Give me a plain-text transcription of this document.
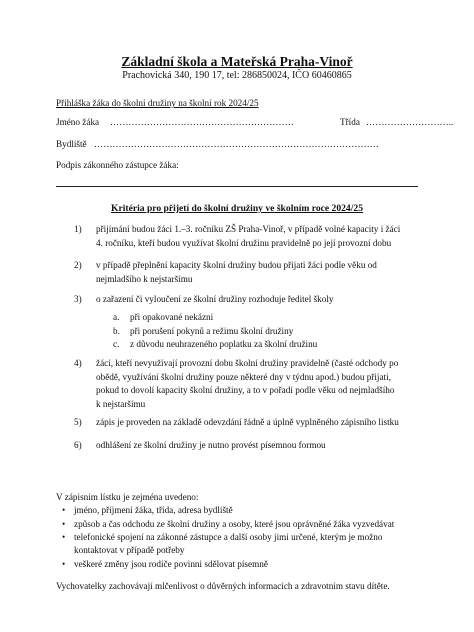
Základní škola a Mateřská Praha-Vinoř
Prachovická 340, 190 17, tel: 286850024, IČO 60460865
Přihláška žáka do školní družiny na školní rok 2024/25
Jméno žáka ……………………………………………………	Třída ………………………..
Bydliště …………………………………………………………………………………
Podpis zákonného zástupce žáka:
Kritéria pro přijetí do školní družiny ve školním roce 2024/25
1) přijímáni budou žáci 1.–3. ročníku ZŠ Praha-Vinoř, v případě volné kapacity i žáci
4. ročníku, kteří budou využívat školní družinu pravidelně po její provozní dobu
2) v případě přeplnění kapacity školní družiny budou přijati žáci podle věku od
nejmladšího k nejstaršímu
3) o zařazení či vyloučení ze školní družiny rozhoduje ředitel školy
4) žáci, kteří nevyužívají provozní dobu školní družiny pravidelně (časté odchody po
obědě, využívání školní družiny pouze některé dny v týdnu apod.) budou přijati,
pokud to dovolí kapacity školní družiny, a to v pořadí podle věku od nejmladšího
k nejstaršímu
5) zápis je proveden na základě odevzdání řádně a úplně vyplněného zápisního listku
6) odhlášení ze školní družiny je nutno provést písemnou formou
a. při opakované nekázni
b. při porušení pokynů a režimu školní družiny
c. z důvodu neuhrazeného poplatku za školní družinu
V zápisním lístku je zejména uvedeno:
• jméno, příjmení žáka, třída, adresa bydliště
• způsob a čas odchodu ze školní družiny a osoby, které jsou oprávněné žáka vyzvedávat
• telefonické spojení na zákonné zástupce a další osoby jimi určené, kterým je možno
kontaktovat v případě potřeby
• veškeré změny jsou rodiče povinni sdělovat písemně
Vychovatelky zachovávají mlčenlivost o důvěrných informacích a zdravotním stavu dítěte.
